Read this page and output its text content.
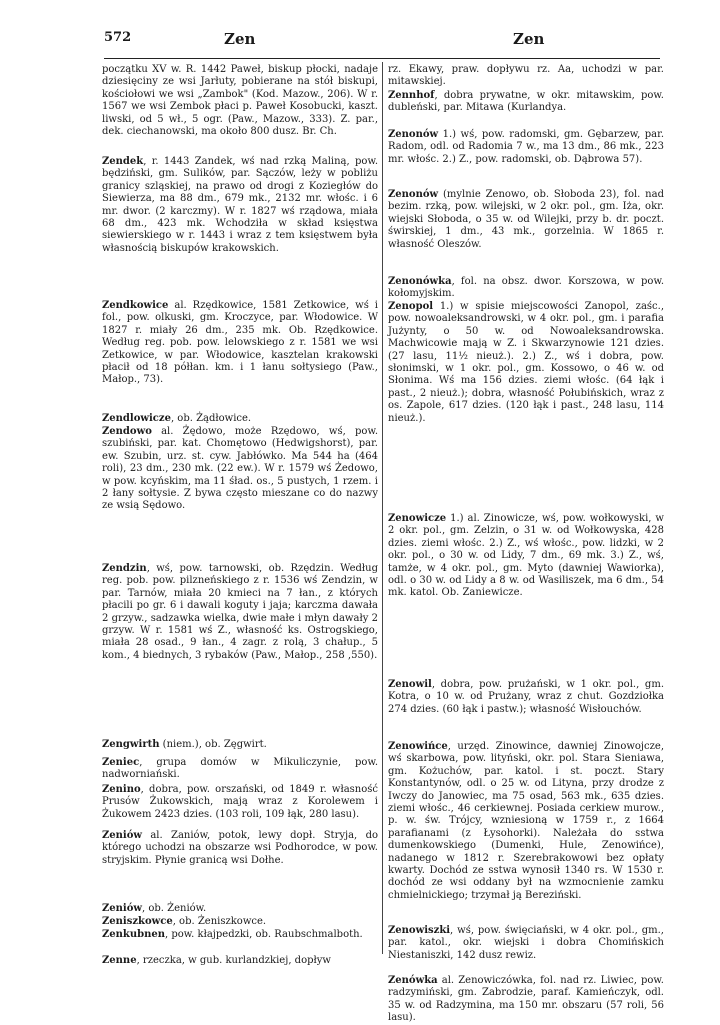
572	Zen	Zen

początku XV w. R. 1442 Paweł, biskup płocki, nadaje dziesięciny ze wsi Jarłuty, pobierane na stół biskupi, kościołowi we wsi „Zambok" (Kod. Mazow., 206). W r. 1567 we wsi Zembok płaci p. Paweł Kosobucki, kaszt. liwski, od 5 wł., 5 ogr. (Paw., Mazow., 333). Z. par., dek. ciechanowski, ma około 800 dusz. Br. Ch.

Zendek, r. 1443 Zandek, wś nad rzką Maliną, pow. będziński, gm. Sulików, par. Sączów, leży w pobliżu granicy szląskiej, na prawo od drogi z Koziegłów do Siewierza, ma 88 dm., 679 mk., 2132 mr. włośc. i 6 mr. dwor. (2 karczmy). W r. 1827 wś rządowa, miała 68 dm., 423 mk. Wchodziła w skład księstwa siewierskiego w r. 1443 i wraz z tem księstwem była własnością biskupów krakowskich.

Zendkowice al. Rzędkowice, 1581 Zetkowice, wś i fol., pow. olkuski, gm. Kroczyce, par. Włodowice. W 1827 r. miały 26 dm., 235 mk. Ob. Rzędkowice. Według reg. pob. pow. lelowskiego z r. 1581 we wsi Zetkowice, w par. Włodowice, kasztelan krakowski płacił od 18 półłan. km. i 1 łanu sołtysiego (Paw., Małop., 73).

Zendlowicze, ob. Żądłowice.

Zendowo al. Żędowo, może Rzędowo, wś, pow. szubiński, par. kat. Chomętowo (Hedwigshorst), par. ew. Szubin, urz. st. cyw. Jabłówko. Ma 544 ha (464 roli), 23 dm., 230 mk. (22 ew.). W r. 1579 wś Żedowo, w pow. kcyńskim, ma 11 śład. os., 5 pustych, 1 rzem. i 2 łany sołtysie. Z bywa często mieszane co do nazwy ze wsią Sędowo.

Zendzin, wś, pow. tarnowski, ob. Rzędzin. Według reg. pob. pow. pilzneńskiego z r. 1536 wś Zendzin, w par. Tarnów, miała 20 kmieci na 7 łan., z których płacili po gr. 6 i dawali koguty i jaja; karczma dawała 2 grzyw., sadzawka wielka, dwie małe i młyn dawały 2 grzyw. W r. 1581 wś Z., własność ks. Ostrogskiego, miała 28 osad., 9 łan., 4 zagr. z rolą, 3 chałup., 5 kom., 4 biednych, 3 rybaków (Paw., Małop., 258 ,550).

Zengwirth (niem.), ob. Zęgwirt.

Zeniec, grupa domów w Mikuliczynie, pow. nadworniański.

Zenino, dobra, pow. orszański, od 1849 r. własność Prusów Żukowskich, mają wraz z Korolewem i Żukowem 2423 dzies. (103 roli, 109 łąk, 280 lasu).

Zeniów al. Zaniów, potok, lewy dopł. Stryja, do którego uchodzi na obszarze wsi Podhorodce, w pow. stryjskim. Płynie granicą wsi Dołhe.

Zeniów, ob. Żeniów.

Zeniszkowce, ob. Żeniszkowce.

Zenkubnen, pow. kłajpedzki, ob. Raubschmalboth.

Zenne, rzeczka, w gub. kurlandzkiej, dopływ

rz. Ekawy, praw. dopływu rz. Aa, uchodzi w par. mitawskiej.

Zennhof, dobra prywatne, w okr. mitawskim, pow. dubleński, par. Mitawa (Kurlandya.

Zenonów 1.) wś, pow. radomski, gm. Gębarzew, par. Radom, odl. od Radomia 7 w., ma 13 dm., 86 mk., 223 mr. włośc. 2.) Z., pow. radomski, ob. Dąbrowa 57).

Zenonów (mylnie Zenowo, ob. Słoboda 23), fol. nad bezim. rzką, pow. wilejski, w 2 okr. pol., gm. Iża, okr. wiejski Słoboda, o 35 w. od Wilejki, przy b. dr. poczt. świrskiej, 1 dm., 43 mk., gorzelnia. W 1865 r. własność Oleszów.

Zenonówka, fol. na obsz. dwor. Korszowa, w pow. kołomyjskim.

Zenopol 1.) w spisie miejscowości Zanopol, zaśc., pow. nowoaleksandrowski, w 4 okr. pol., gm. i parafia Jużynty, o 50 w. od Nowoaleksandrowska. Machwicowie mają w Z. i Skwarzynowie 121 dzies. (27 lasu, 11½ nieuż.). 2.) Z., wś i dobra, pow. słonimski, w 1 okr. pol., gm. Kossowo, o 46 w. od Słonima. Wś ma 156 dzies. ziemi włośc. (64 łąk i past., 2 nieuż.); dobra, własność Połubińskich, wraz z os. Zapole, 617 dzies. (120 łąk i past., 248 lasu, 114 nieuż.).

Zenowicze 1.) al. Zinowicze, wś, pow. wołkowyski, w 2 okr. pol., gm. Zelzin, o 31 w. od Wołkowyska, 428 dzies. ziemi włośc. 2.) Z., wś włośc., pow. lidzki, w 2 okr. pol., o 30 w. od Lidy, 7 dm., 69 mk. 3.) Z., wś, tamże, w 4 okr. pol., gm. Myto (dawniej Wawiorka), odl. o 30 w. od Lidy a 8 w. od Wasiliszek, ma 6 dm., 54 mk. katol. Ob. Zaniewicze.

Zenowil, dobra, pow. prużański, w 1 okr. pol., gm. Kotra, o 10 w. od Prużany, wraz z chut. Gozdziołka 274 dzies. (60 łąk i pastw.); własność Wisłouchów.

Zenowińce, urzęd. Zinowince, dawniej Zinowojcze, wś skarbowa, pow. lityński, okr. pol. Stara Sieniawa, gm. Kożuchów, par. katol. i st. poczt. Stary Konstantynów, odl. o 25 w. od Lityna, przy drodze z Iwczy do Janowiec, ma 75 osad, 563 mk., 635 dzies. ziemi włośc., 46 cerkiewnej. Posiada cerkiew murow., p. w. św. Trójcy, wzniesioną w 1759 r., z 1664 parafianami (z Łysohorki). Należała do sstwa dumenkowskiego (Dumenki, Hule, Zenowińce), nadanego w 1812 r. Szerebrakowowi bez opłaty kwarty. Dochód ze sstwa wynosił 1340 rs. W 1530 r. dochód ze wsi oddany był na wzmocnienie zamku chmielnickiego; trzymał ją Bereziński.

Zenowiszki, wś, pow. święciański, w 4 okr. pol., gm., par. katol., okr. wiejski i dobra Chomińskich Niestaniszki, 142 dusz rewiz.

Zenówka al. Zenowiczówka, fol. nad rz. Liwiec, pow. radzymiński, gm. Zabrodzie, paraf. Kamieńczyk, odl. 35 w. od Radzymina, ma 150 mr. obszaru (57 roli, 56 lasu).
